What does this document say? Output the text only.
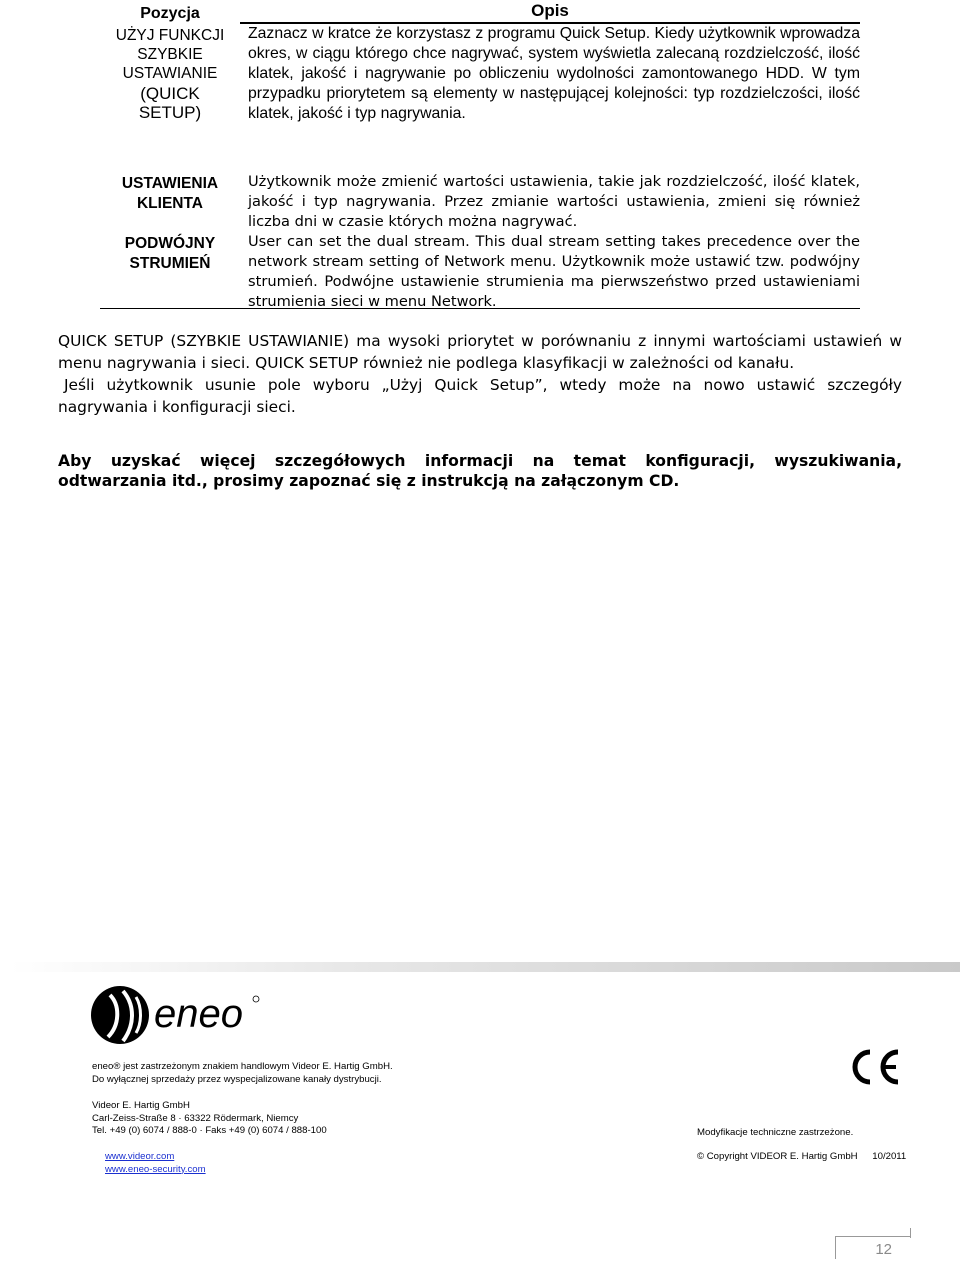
Pozycja	Opis
UŻYJ FUNKCJI
SZYBKIE
USTAWIANIE
(QUICK
SETUP)
Zaznacz w kratce że korzystasz z programu Quick Setup. Kiedy użytkownik wprowadza okres, w ciągu którego chce nagrywać, system wyświetla zalecaną rozdzielczość, ilość klatek, jakość i nagrywanie po obliczeniu wydolności zamontowanego HDD. W tym przypadku priorytetem są elementy w następującej kolejności: typ rozdzielczości, ilość klatek, jakość i typ nagrywania.
USTAWIENIA
KLIENTA
Użytkownik może zmienić wartości ustawienia, takie jak rozdzielczość, ilość klatek, jakość i typ nagrywania. Przez zmianie wartości ustawienia, zmieni się również liczba dni w czasie których można nagrywać.
PODWÓJNY
STRUMIEŃ
User can set the dual stream. This dual stream setting takes precedence over the network stream setting of Network menu. Użytkownik może ustawić tzw. podwójny strumień. Podwójne ustawienie strumienia ma pierwszeństwo przed ustawieniami strumienia sieci w menu Network.
QUICK SETUP (SZYBKIE USTAWIANIE) ma wysoki priorytet w porównaniu z innymi wartościami ustawień w menu nagrywania i sieci. QUICK SETUP również nie podlega klasyfikacji w zależności od kanału.
Jeśli użytkownik usunie pole wyboru „Użyj Quick Setup”, wtedy może na nowo ustawić szczegóły nagrywania i konfiguracji sieci.
Aby uzyskać więcej szczegółowych informacji na temat konfiguracji, wyszukiwania, odtwarzania itd., prosimy zapoznać się z instrukcją na załączonym CD.
eneo
eneo® jest zastrzeżonym znakiem handlowym Videor E. Hartig GmbH.
Do wyłącznej sprzedaży przez wyspecjalizowane kanały dystrybucji.
Videor E. Hartig GmbH
Carl-Zeiss-Straße 8 · 63322 Rödermark, Niemcy
Tel. +49 (0) 6074 / 888-0 · Faks +49 (0) 6074 / 888-100
www.videor.com
www.eneo-security.com
Modyfikacje techniczne zastrzeżone.
© Copyright VIDEOR E. Hartig GmbH 10/2011
12
